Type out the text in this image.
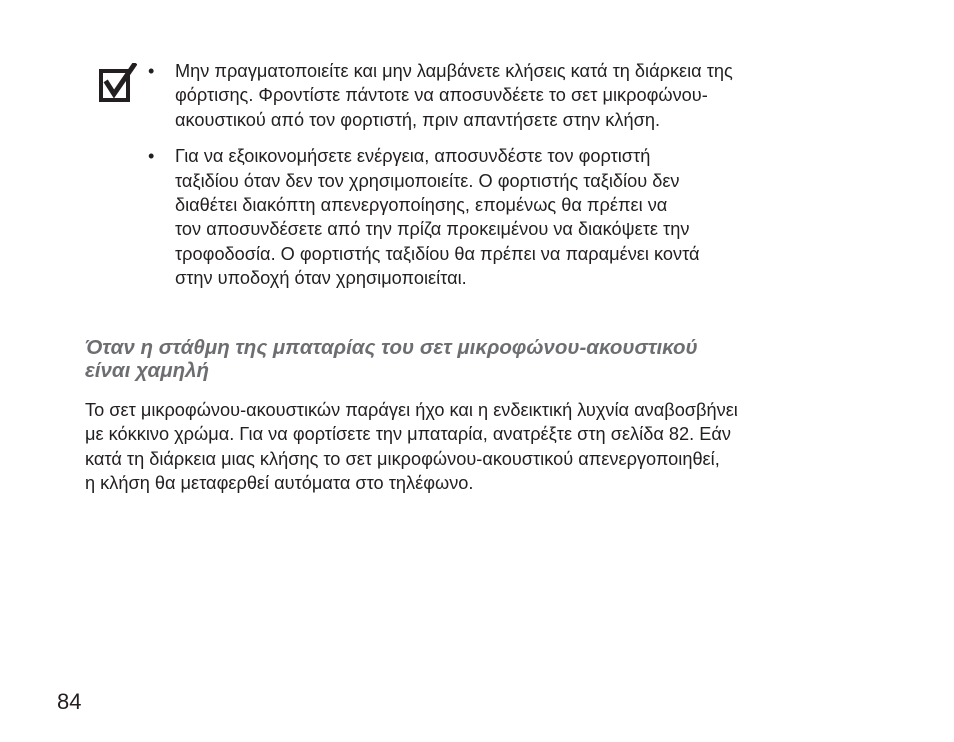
• Μην πραγματοποιείτε και μην λαμβάνετε κλήσεις κατά τη διάρκεια της
φόρτισης. Φροντίστε πάντοτε να αποσυνδέετε το σετ μικροφώνου-
ακουστικού από τον φορτιστή, πριν απαντήσετε στην κλήση.
• Για να εξοικονομήσετε ενέργεια, αποσυνδέστε τον φορτιστή
ταξιδίου όταν δεν τον χρησιμοποιείτε. Ο φορτιστής ταξιδίου δεν
διαθέτει διακόπτη απενεργοποίησης, επομένως θα πρέπει να
τον αποσυνδέσετε από την πρίζα προκειμένου να διακόψετε την
τροφοδοσία. Ο φορτιστής ταξιδίου θα πρέπει να παραμένει κοντά
στην υποδοχή όταν χρησιμοποιείται.
Όταν η στάθμη της μπαταρίας του σετ μικροφώνου-ακουστικού
είναι χαμηλή

Το σετ μικροφώνου-ακουστικών παράγει ήχο και η ενδεικτική λυχνία αναβοσβήνει
με κόκκινο χρώμα. Για να φορτίσετε την μπαταρία, ανατρέξτε στη σελίδα 82. Εάν
κατά τη διάρκεια μιας κλήσης το σετ μικροφώνου-ακουστικού απενεργοποιηθεί,
η κλήση θα μεταφερθεί αυτόματα στο τηλέφωνο.

84
